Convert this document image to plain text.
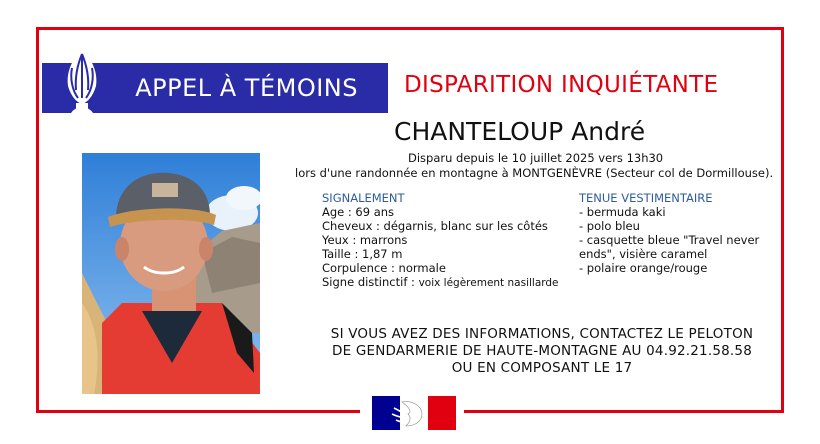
APPEL À TÉMOINS DISPARITION INQUIÉTANTE
CHANTELOUP André
Disparu depuis le 10 juillet 2025 vers 13h30
lors d'une randonnée en montagne à MONTGENÈVRE (Secteur col de Dormillouse).
SIGNALEMENT
Age : 69 ans
Cheveux : dégarnis, blanc sur les côtés
Yeux : marrons
Taille : 1,87 m
Corpulence : normale
Signe distinctif : voix légèrement nasillarde
TENUE VESTIMENTAIRE
- bermuda kaki
- polo bleu
- casquette bleue "Travel never
ends", visière caramel
- polaire orange/rouge
SI VOUS AVEZ DES INFORMATIONS, CONTACTEZ LE PELOTON
DE GENDARMERIE DE HAUTE-MONTAGNE AU 04.92.21.58.58
OU EN COMPOSANT LE 17
